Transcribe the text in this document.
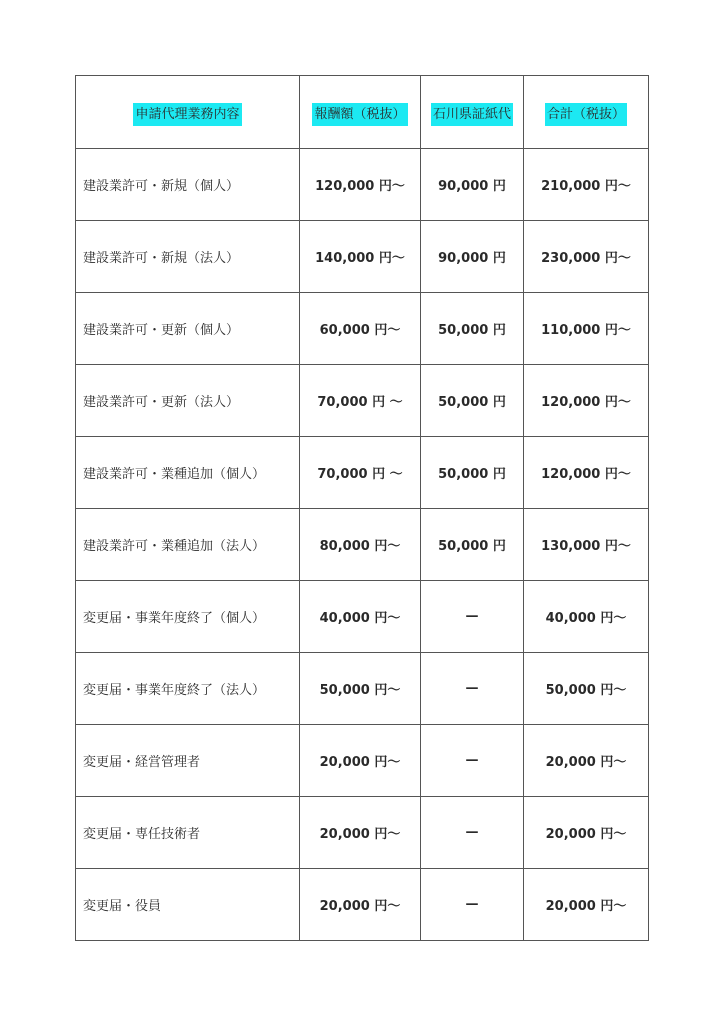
申請代理業務内容	報酬額（税抜）	石川県証紙代	合計（税抜）
建設業許可・新規（個人）	120,000 円～	90,000 円	210,000 円～
建設業許可・新規（法人）	140,000 円～	90,000 円	230,000 円～
建設業許可・更新（個人）	60,000 円～	50,000 円	110,000 円～
建設業許可・更新（法人）	70,000 円 ～	50,000 円	120,000 円～
建設業許可・業種追加（個人）	70,000 円 ～	50,000 円	120,000 円～
建設業許可・業種追加（法人）	80,000 円～	50,000 円	130,000 円～
変更届・事業年度終了（個人）	40,000 円～	—	40,000 円～
変更届・事業年度終了（法人）	50,000 円～	—	50,000 円～
変更届・経営管理者	20,000 円～	—	20,000 円～
変更届・専任技術者	20,000 円～	—	20,000 円～
変更届・役員	20,000 円～	—	20,000 円～
